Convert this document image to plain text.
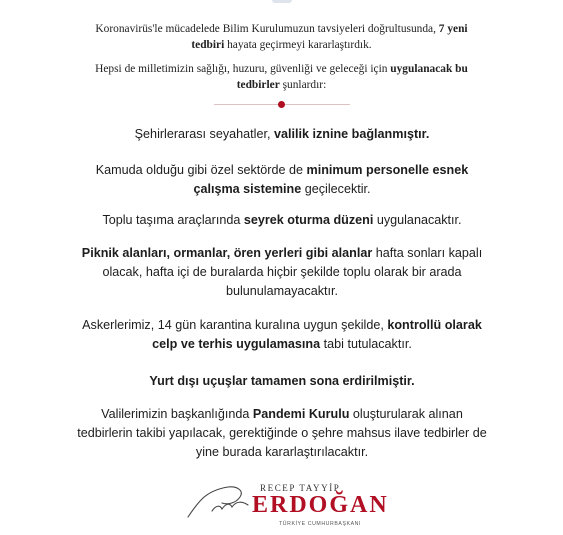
Koronavirüs'le mücadelede Bilim Kurulumuzun tavsiyeleri doğrultusunda, 7 yeni tedbiri hayata geçirmeyi kararlaştırdık.

Hepsi de milletimizin sağlığı, huzuru, güvenliği ve geleceği için uygulanacak bu tedbirler şunlardır:

Şehirlerarası seyahatler, valilik iznine bağlanmıştır.

Kamuda olduğu gibi özel sektörde de minimum personelle esnek çalışma sistemine geçilecektir.

Toplu taşıma araçlarında seyrek oturma düzeni uygulanacaktır.

Piknik alanları, ormanlar, ören yerleri gibi alanlar hafta sonları kapalı olacak, hafta içi de buralarda hiçbir şekilde toplu olarak bir arada bulunulamayacaktır.

Askerlerimiz, 14 gün karantina kuralına uygun şekilde, kontrollü olarak celp ve terhis uygulamasına tabi tutulacaktır.

Yurt dışı uçuşlar tamamen sona erdirilmiştir.

Valilerimizin başkanlığında Pandemi Kurulu oluşturularak alınan tedbirlerin takibi yapılacak, gerektiğinde o şehre mahsus ilave tedbirler de yine burada kararlaştırılacaktır.

RECEP TAYYİP
ERDOĞAN
TÜRKİYE CUMHURBAŞKANI
